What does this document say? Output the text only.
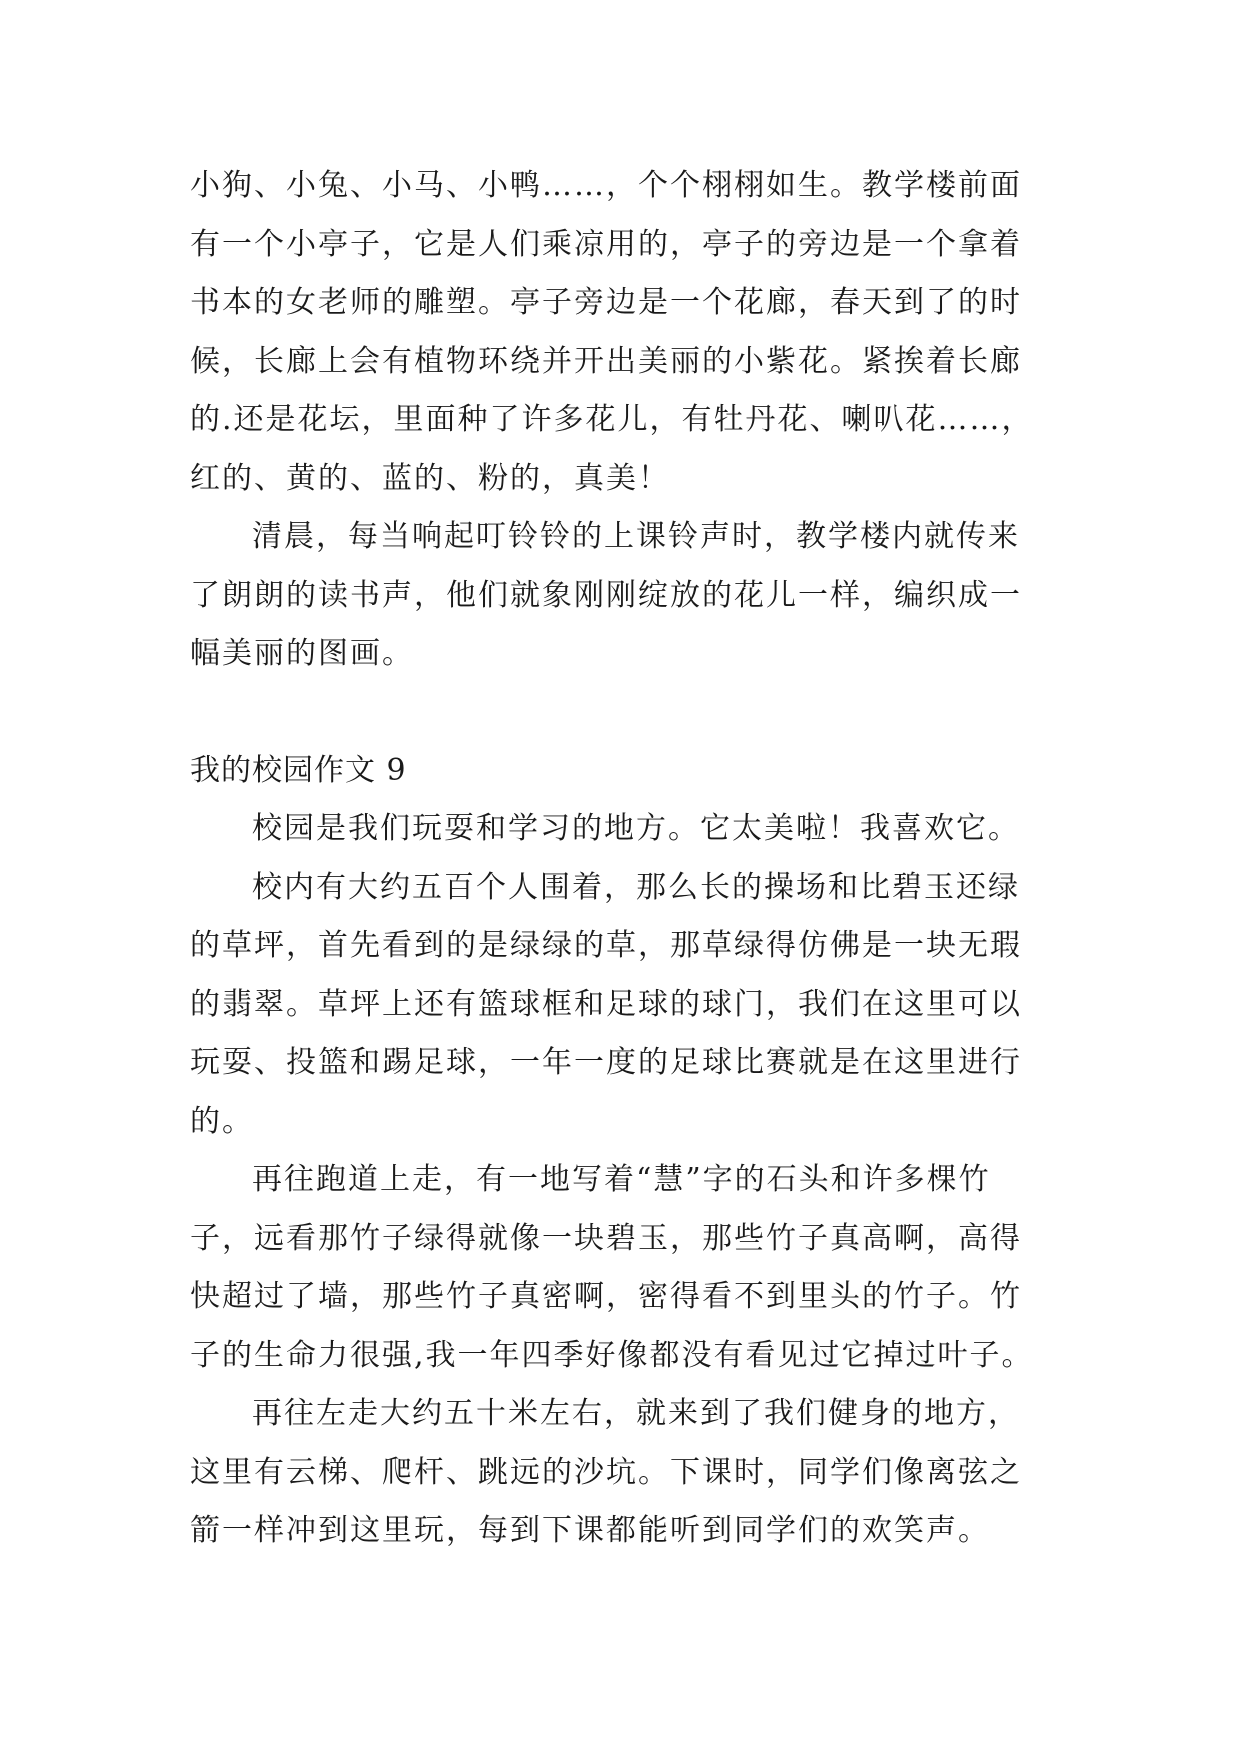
小狗、小兔、小马、小鸭……，个个栩栩如生。教学楼前面
有一个小亭子，它是人们乘凉用的，亭子的旁边是一个拿着
书本的女老师的雕塑。亭子旁边是一个花廊，春天到了的时
候，长廊上会有植物环绕并开出美丽的小紫花。紧挨着长廊
的.还是花坛，里面种了许多花儿，有牡丹花、喇叭花……，
红的、黄的、蓝的、粉的，真美！
清晨，每当响起叮铃铃的上课铃声时，教学楼内就传来
了朗朗的读书声，他们就象刚刚绽放的花儿一样，编织成一
幅美丽的图画。
我的校园作文 9
校园是我们玩耍和学习的地方。它太美啦！我喜欢它。
校内有大约五百个人围着，那么长的操场和比碧玉还绿
的草坪，首先看到的是绿绿的草，那草绿得仿佛是一块无瑕
的翡翠。草坪上还有篮球框和足球的球门，我们在这里可以
玩耍、投篮和踢足球，一年一度的足球比赛就是在这里进行
的。
再往跑道上走，有一地写着“慧”字的石头和许多棵竹
子，远看那竹子绿得就像一块碧玉，那些竹子真高啊，高得
快超过了墙，那些竹子真密啊，密得看不到里头的竹子。竹
子的生命力很强,我一年四季好像都没有看见过它掉过叶子。
再往左走大约五十米左右，就来到了我们健身的地方，
这里有云梯、爬杆、跳远的沙坑。下课时，同学们像离弦之
箭一样冲到这里玩，每到下课都能听到同学们的欢笑声。
